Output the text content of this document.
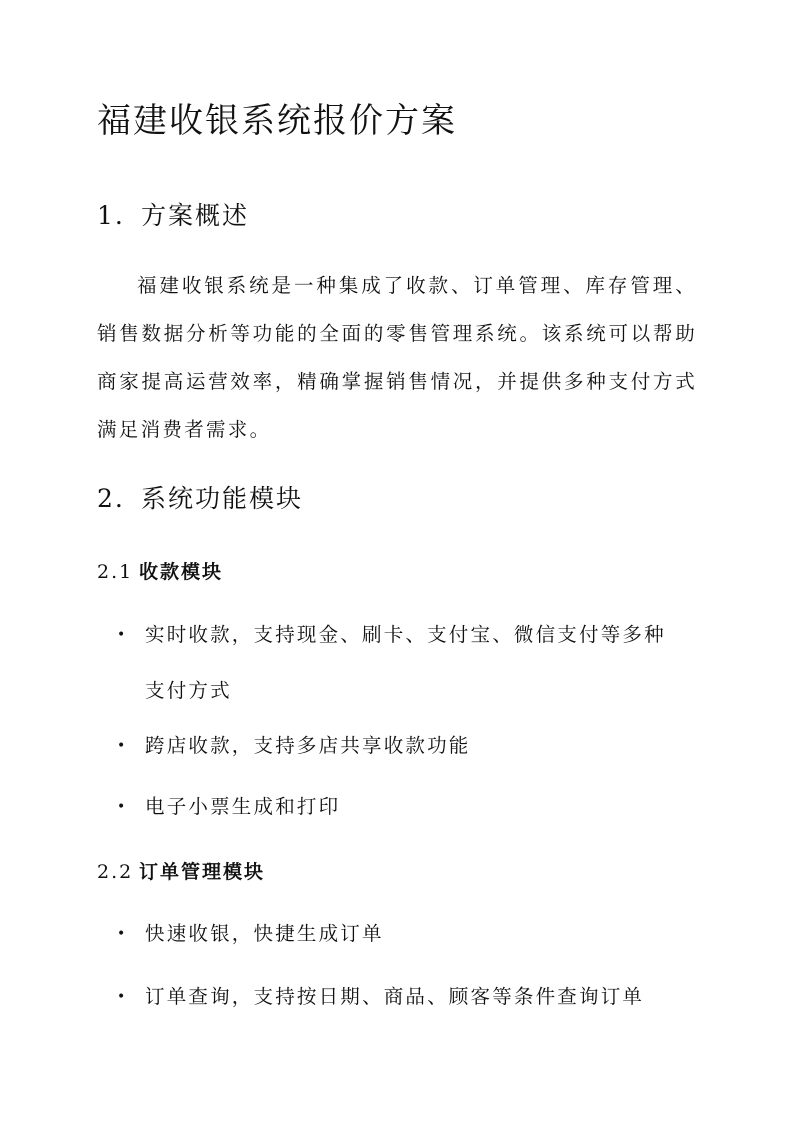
福建收银系统报价方案
1. 方案概述

福建收银系统是一种集成了收款、订单管理、库存管理、销售数据分析等功能的全面的零售管理系统。该系统可以帮助商家提高运营效率，精确掌握销售情况，并提供多种支付方式满足消费者需求。

2. 系统功能模块
2.1 收款模块
• 实时收款，支持现金、刷卡、支付宝、微信支付等多种支付方式
• 跨店收款，支持多店共享收款功能
• 电子小票生成和打印
2.2 订单管理模块
• 快速收银，快捷生成订单
• 订单查询，支持按日期、商品、顾客等条件查询订单
